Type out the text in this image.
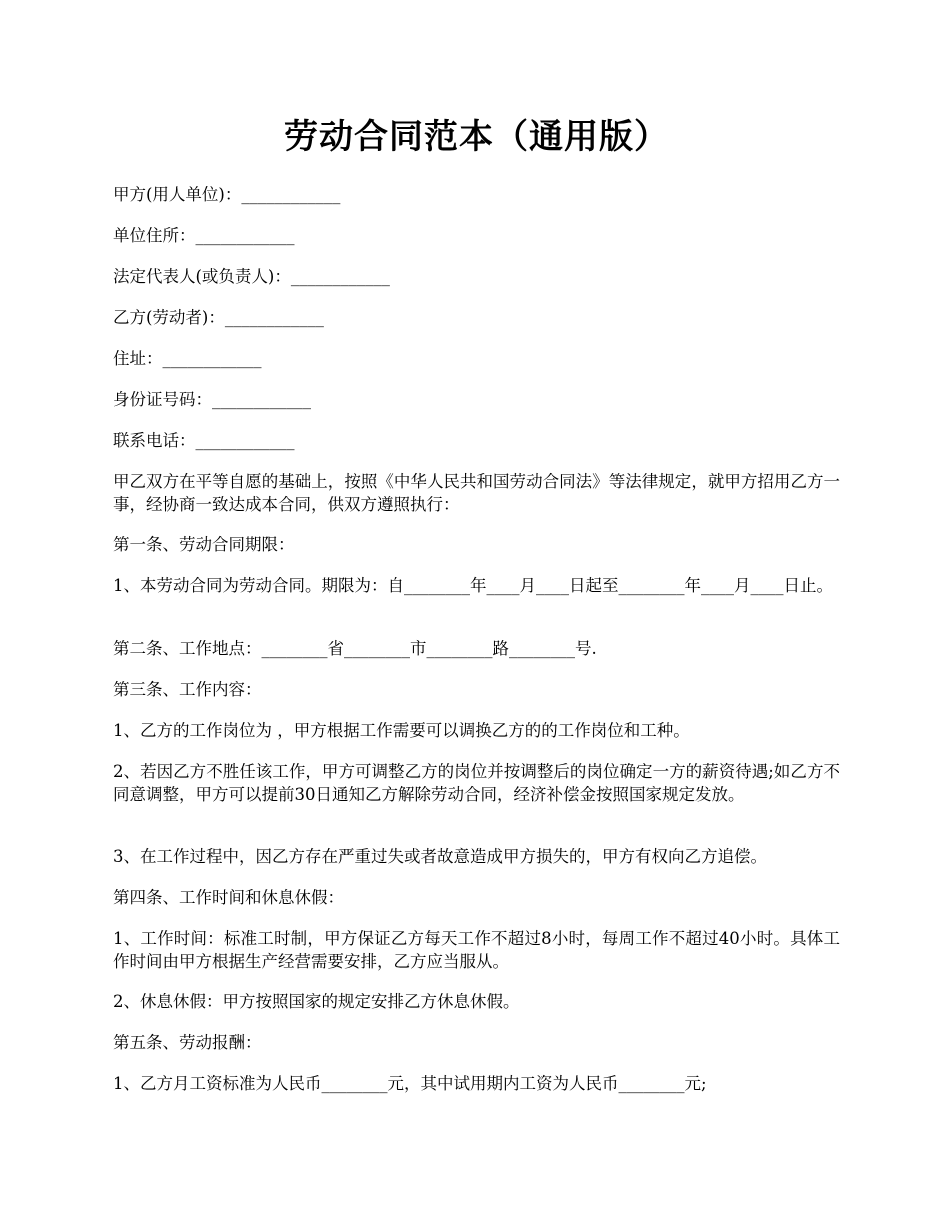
劳动合同范本（通用版）

甲方(用人单位)：____________

单位住所：____________

法定代表人(或负责人)：____________

乙方(劳动者)：____________

住址：____________

身份证号码：____________

联系电话：____________

甲乙双方在平等自愿的基础上，按照《中华人民共和国劳动合同法》等法律规定，就甲方招用乙方一事，经协商一致达成本合同，供双方遵照执行：

第一条、劳动合同期限：

1、本劳动合同为劳动合同。期限为：自________年____月____日起至________年____月____日止。

第二条、工作地点：________省________市________路________号.

第三条、工作内容：

1、乙方的工作岗位为 ，甲方根据工作需要可以调换乙方的的工作岗位和工种。

2、若因乙方不胜任该工作，甲方可调整乙方的岗位并按调整后的岗位确定一方的薪资待遇;如乙方不同意调整，甲方可以提前30日通知乙方解除劳动合同，经济补偿金按照国家规定发放。

3、在工作过程中，因乙方存在严重过失或者故意造成甲方损失的，甲方有权向乙方追偿。

第四条、工作时间和休息休假：

1、工作时间：标准工时制，甲方保证乙方每天工作不超过8小时，每周工作不超过40小时。具体工作时间由甲方根据生产经营需要安排，乙方应当服从。

2、休息休假：甲方按照国家的规定安排乙方休息休假。

第五条、劳动报酬：

1、乙方月工资标准为人民币________元，其中试用期内工资为人民币________元;
